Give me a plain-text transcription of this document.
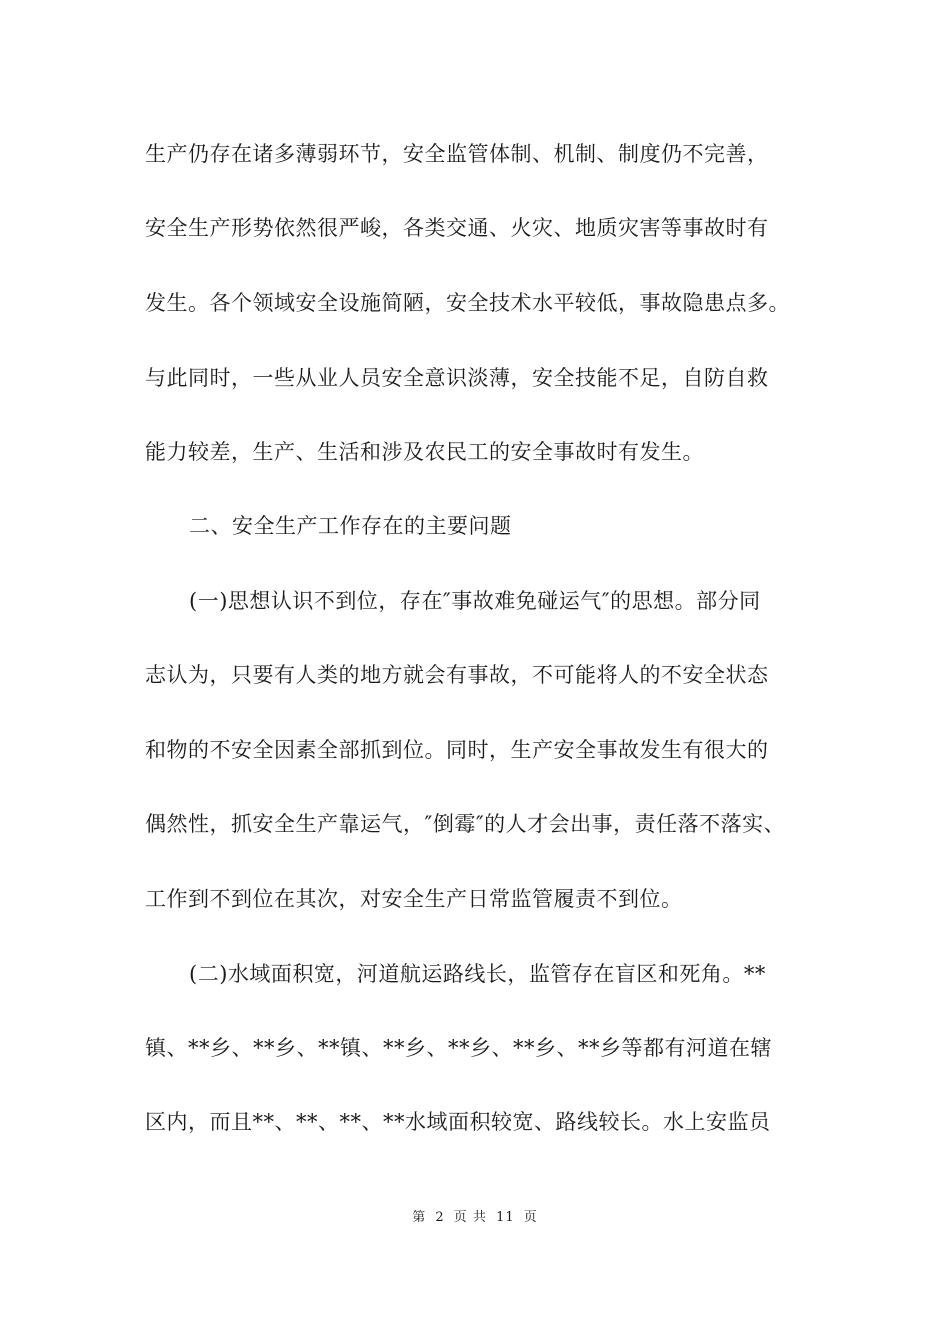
生产仍存在诸多薄弱环节，安全监管体制、机制、制度仍不完善，
安全生产形势依然很严峻，各类交通、火灾、地质灾害等事故时有
发生。各个领域安全设施简陋，安全技术水平较低，事故隐患点多。
与此同时，一些从业人员安全意识淡薄，安全技能不足，自防自救
能力较差，生产、生活和涉及农民工的安全事故时有发生。
二、安全生产工作存在的主要问题
(一)思想认识不到位，存在″事故难免碰运气″的思想。部分同
志认为，只要有人类的地方就会有事故，不可能将人的不安全状态
和物的不安全因素全部抓到位。同时，生产安全事故发生有很大的
偶然性，抓安全生产靠运气，″倒霉″的人才会出事，责任落不落实、
工作到不到位在其次，对安全生产日常监管履责不到位。
(二)水域面积宽，河道航运路线长，监管存在盲区和死角。**
镇、**乡、**乡、**镇、**乡、**乡、**乡、**乡等都有河道在辖
区内，而且**、**、**、**水域面积较宽、路线较长。水上安监员
第 2 页 共 11 页
